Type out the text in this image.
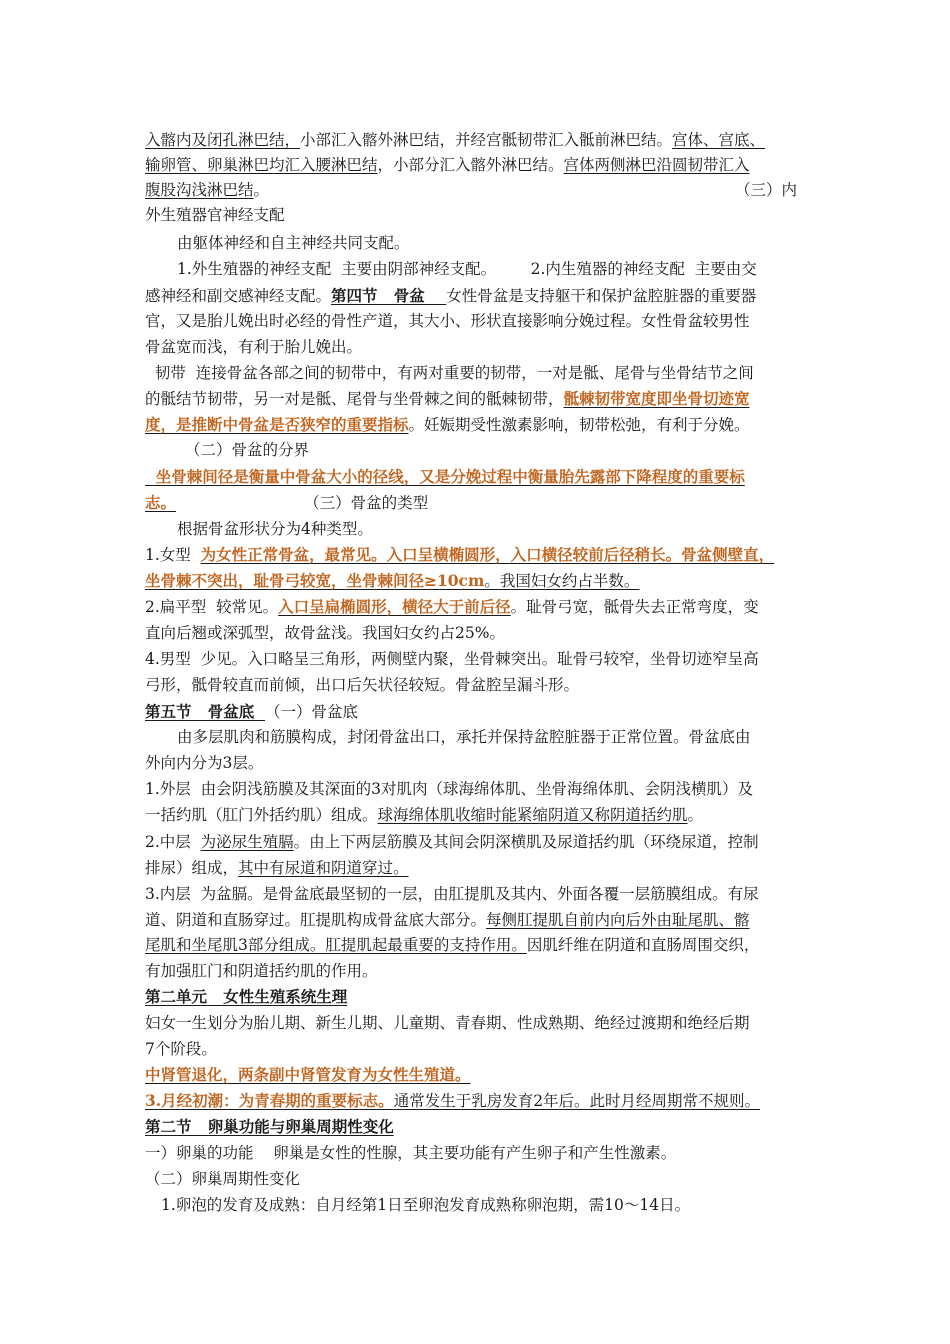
入髂内及闭孔淋巴结，小部汇入髂外淋巴结，并经宫骶韧带汇入骶前淋巴结。宫体、宫底、
输卵管、卵巢淋巴均汇入腰淋巴结，小部分汇入髂外淋巴结。宫体两侧淋巴沿圆韧带汇入
腹股沟浅淋巴结。	（三）内
外生殖器官神经支配
由躯体神经和自主神经共同支配。
1.外生殖器的神经支配  主要由阴部神经支配。       2.内生殖器的神经支配  主要由交
感神经和副交感神经支配。第四节   骨盆    女性骨盆是支持躯干和保护盆腔脏器的重要器
官，又是胎儿娩出时必经的骨性产道，其大小、形状直接影响分娩过程。女性骨盆较男性
骨盆宽而浅，有利于胎儿娩出。
韧带  连接骨盆各部之间的韧带中，有两对重要的韧带，一对是骶、尾骨与坐骨结节之间
的骶结节韧带，另一对是骶、尾骨与坐骨棘之间的骶棘韧带，骶棘韧带宽度即坐骨切迹宽
度，是推断中骨盆是否狭窄的重要指标。妊娠期受性激素影响，韧带松弛，有利于分娩。
（二）骨盆的分界
坐骨棘间径是衡量中骨盆大小的径线，又是分娩过程中衡量胎先露部下降程度的重要标
志。                          （三）骨盆的类型
根据骨盆形状分为4种类型。
1.女型  为女性正常骨盆，最常见。入口呈横椭圆形，入口横径较前后径稍长。骨盆侧壁直，
坐骨棘不突出，耻骨弓较宽，坐骨棘间径≥10cm。我国妇女约占半数。
2.扁平型  较常见。入口呈扁椭圆形，横径大于前后径。耻骨弓宽，骶骨失去正常弯度，变
直向后翘或深弧型，故骨盆浅。我国妇女约占25%。
4.男型  少见。入口略呈三角形，两侧壁内聚，坐骨棘突出。耻骨弓较窄，坐骨切迹窄呈高
弓形，骶骨较直而前倾，出口后矢状径较短。骨盆腔呈漏斗形。
第五节   骨盆底  （一）骨盆底
由多层肌肉和筋膜构成，封闭骨盆出口，承托并保持盆腔脏器于正常位置。骨盆底由
外向内分为3层。
1.外层  由会阴浅筋膜及其深面的3对肌肉（球海绵体肌、坐骨海绵体肌、会阴浅横肌）及
一括约肌（肛门外括约肌）组成。球海绵体肌收缩时能紧缩阴道又称阴道括约肌。
2.中层  为泌尿生殖膈。由上下两层筋膜及其间会阴深横肌及尿道括约肌（环绕尿道，控制
排尿）组成，其中有尿道和阴道穿过。
3.内层  为盆膈。是骨盆底最坚韧的一层，由肛提肌及其内、外面各覆一层筋膜组成。有尿
道、阴道和直肠穿过。肛提肌构成骨盆底大部分。每侧肛提肌自前内向后外由耻尾肌、髂
尾肌和坐尾肌3部分组成。肛提肌起最重要的支持作用。因肌纤维在阴道和直肠周围交织，
有加强肛门和阴道括约肌的作用。
第二单元   女性生殖系统生理
妇女一生划分为胎儿期、新生儿期、儿童期、青春期、性成熟期、绝经过渡期和绝经后期
7个阶段。
中肾管退化，两条副中肾管发育为女性生殖道。
3.月经初潮：为青春期的重要标志。通常发生于乳房发育2年后。此时月经周期常不规则。
第二节   卵巢功能与卵巢周期性变化
一）卵巢的功能    卵巢是女性的性腺，其主要功能有产生卵子和产生性激素。
（二）卵巢周期性变化
1.卵泡的发育及成熟：自月经第1日至卵泡发育成熟称卵泡期，需10～14日。
